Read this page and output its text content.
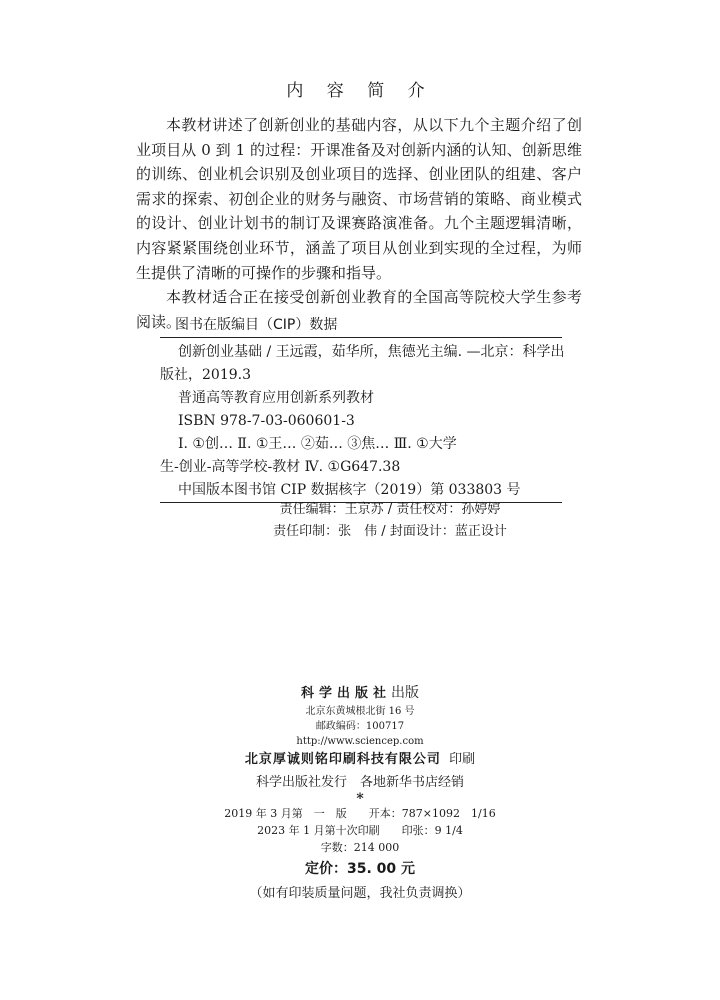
内 容 简 介

本教材讲述了创新创业的基础内容，从以下九个主题介绍了创业项目从 0 到 1 的过程：开课准备及对创新内涵的认知、创新思维的训练、创业机会识别及创业项目的选择、创业团队的组建、客户需求的探索、初创企业的财务与融资、市场营销的策略、商业模式的设计、创业计划书的制订及课赛路演准备。九个主题逻辑清晰，内容紧紧围绕创业环节，涵盖了项目从创业到实现的全过程，为师生提供了清晰的可操作的步骤和指导。

本教材适合正在接受创新创业教育的全国高等院校大学生参考阅读。

图书在版编目（CIP）数据
创新创业基础 / 王远霞，茹华所，焦德光主编. —北京：科学出
版社，2019.3
普通高等教育应用创新系列教材
ISBN 978-7-03-060601-3
Ⅰ. ①创… Ⅱ. ①王… ②茹… ③焦… Ⅲ. ①大学
生-创业-高等学校-教材 Ⅳ. ①G647.38
中国版本图书馆 CIP 数据核字（2019）第 033803 号
责任编辑：王京苏 / 责任校对：孙婷婷
责任印制：张　伟 / 封面设计：蓝正设计
科学出版社出版
北京东黄城根北街 16 号
邮政编码：100717
http://www.sciencep.com
北京厚诚则铭印刷科技有限公司 印刷
科学出版社发行　各地新华书店经销
*
2019 年 3 月第　一　版　　开本：787×1092　1/16
2023 年 1 月第十次印刷　　印张：9 1/4
字数：214 000
定价：35. 00 元
（如有印装质量问题，我社负责调换）
